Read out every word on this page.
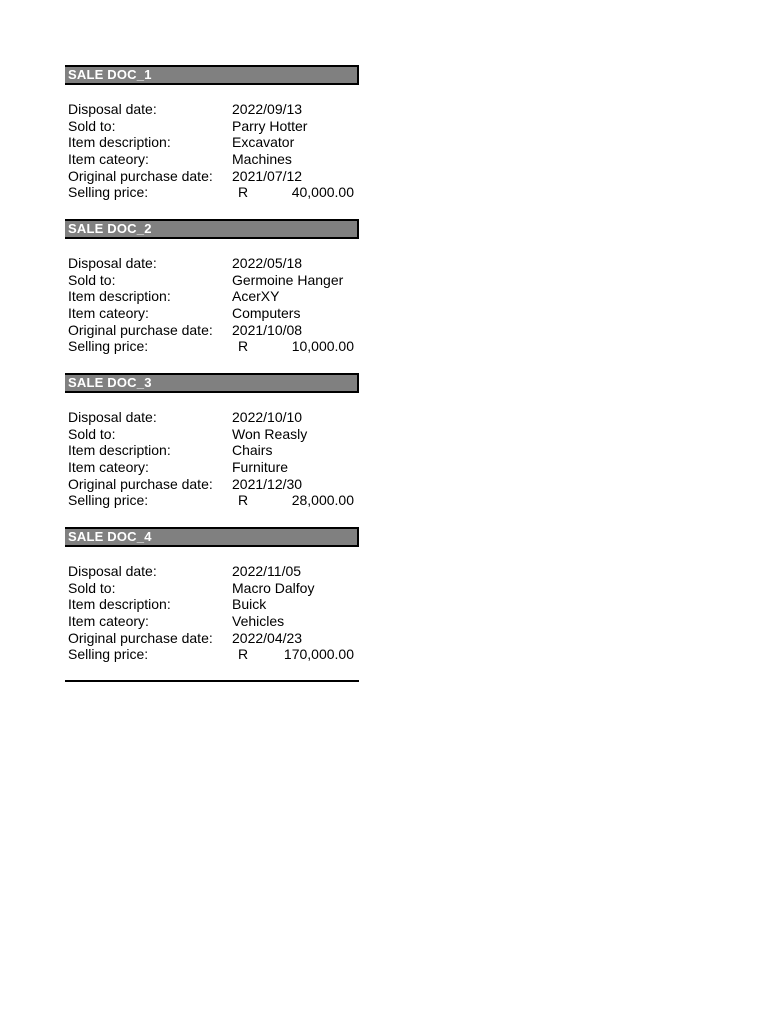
SALE DOC_1
Disposal date:	2022/09/13
Sold to:	Parry Hotter
Item description:	Excavator
Item cateory:	Machines
Original purchase date:	2021/07/12
Selling price:	R	40,000.00
SALE DOC_2
Disposal date:	2022/05/18
Sold to:	Germoine Hanger
Item description:	AcerXY
Item cateory:	Computers
Original purchase date:	2021/10/08
Selling price:	R	10,000.00
SALE DOC_3
Disposal date:	2022/10/10
Sold to:	Won Reasly
Item description:	Chairs
Item cateory:	Furniture
Original purchase date:	2021/12/30
Selling price:	R	28,000.00
SALE DOC_4
Disposal date:	2022/11/05
Sold to:	Macro Dalfoy
Item description:	Buick
Item cateory:	Vehicles
Original purchase date:	2022/04/23
Selling price:	R	170,000.00
